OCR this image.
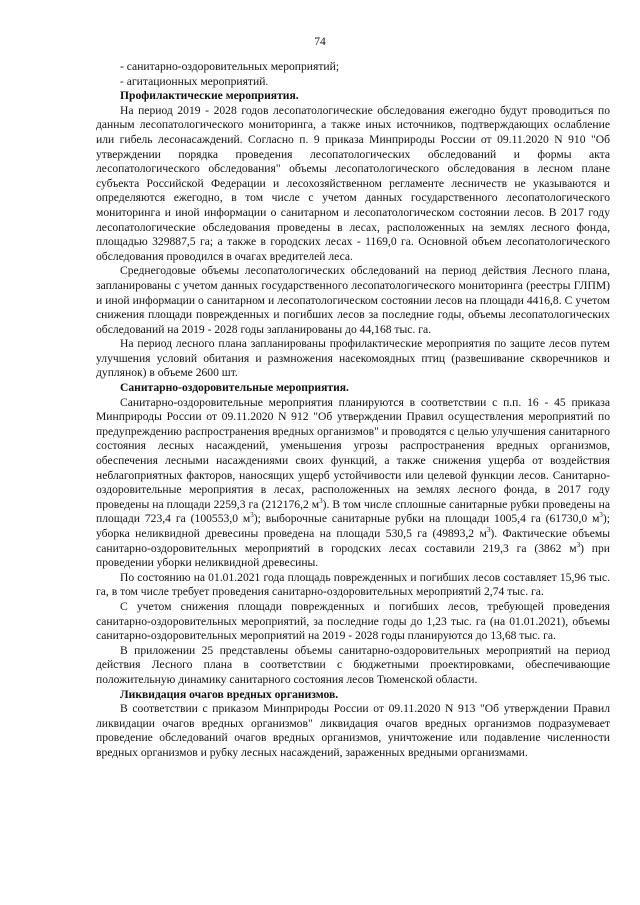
74

- санитарно-оздоровительных мероприятий;

- агитационных мероприятий.

Профилактические мероприятия.

На период 2019 - 2028 годов лесопатологические обследования ежегодно будут проводиться по данным лесопатологического мониторинга, а также иных источников, подтверждающих ослабление или гибель лесонасаждений. Согласно п. 9 приказа Минприроды России от 09.11.2020 N 910 "Об утверждении порядка проведения лесопатологических обследований и формы акта лесопатологического обследования" объемы лесопатологического обследования в лесном плане субъекта Российской Федерации и лесохозяйственном регламенте лесничеств не указываются и определяются ежегодно, в том числе с учетом данных государственного лесопатологического мониторинга и иной информации о санитарном и лесопатологическом состоянии лесов. В 2017 году лесопатологические обследования проведены в лесах, расположенных на землях лесного фонда, площадью 329887,5 га; а также в городских лесах - 1169,0 га. Основной объем лесопатологического обследования проводился в очагах вредителей леса.

Среднегодовые объемы лесопатологических обследований на период действия Лесного плана, запланированы с учетом данных государственного лесопатологического мониторинга (реестры ГЛПМ) и иной информации о санитарном и лесопатологическом состоянии лесов на площади 4416,8. С учетом снижения площади поврежденных и погибших лесов за последние годы, объемы лесопатологических обследований на 2019 - 2028 годы запланированы до 44,168 тыс. га.

На период лесного плана запланированы профилактические мероприятия по защите лесов путем улучшения условий обитания и размножения насекомоядных птиц (развешивание скворечников и дуплянок) в объеме 2600 шт.

Санитарно-оздоровительные мероприятия.

Санитарно-оздоровительные мероприятия планируются в соответствии с п.п. 16 - 45 приказа Минприроды России от 09.11.2020 N 912 "Об утверждении Правил осуществления мероприятий по предупреждению распространения вредных организмов" и проводятся с целью улучшения санитарного состояния лесных насаждений, уменьшения угрозы распространения вредных организмов, обеспечения лесными насаждениями своих функций, а также снижения ущерба от воздействия неблагоприятных факторов, наносящих ущерб устойчивости или целевой функции лесов. Санитарно-оздоровительные мероприятия в лесах, расположенных на землях лесного фонда, в 2017 году проведены на площади 2259,3 га (212176,2 $м^3$). В том числе сплошные санитарные рубки проведены на площади 723,4 га (100553,0 $м^3$); выборочные санитарные рубки на площади 1005,4 га (61730,0 $м^3$); уборка неликвидной древесины проведена на площади 530,5 га (49893,2 $м^3$). Фактические объемы санитарно-оздоровительных мероприятий в городских лесах составили 219,3 га (3862 $м^3$) при проведении уборки неликвидной древесины.

По состоянию на 01.01.2021 года площадь поврежденных и погибших лесов составляет 15,96 тыс. га, в том числе требует проведения санитарно-оздоровительных мероприятий 2,74 тыс. га.

С учетом снижения площади поврежденных и погибших лесов, требующей проведения санитарно-оздоровительных мероприятий, за последние годы до 1,23 тыс. га (на 01.01.2021), объемы санитарно-оздоровительных мероприятий на 2019 - 2028 годы планируются до 13,68 тыс. га.

В приложении 25 представлены объемы санитарно-оздоровительных мероприятий на период действия Лесного плана в соответствии с бюджетными проектировками, обеспечивающие положительную динамику санитарного состояния лесов Тюменской области.

Ликвидация очагов вредных организмов.

В соответствии с приказом Минприроды России от 09.11.2020 N 913 "Об утверждении Правил ликвидации очагов вредных организмов" ликвидация очагов вредных организмов подразумевает проведение обследований очагов вредных организмов, уничтожение или подавление численности вредных организмов и рубку лесных насаждений, зараженных вредными организмами.
